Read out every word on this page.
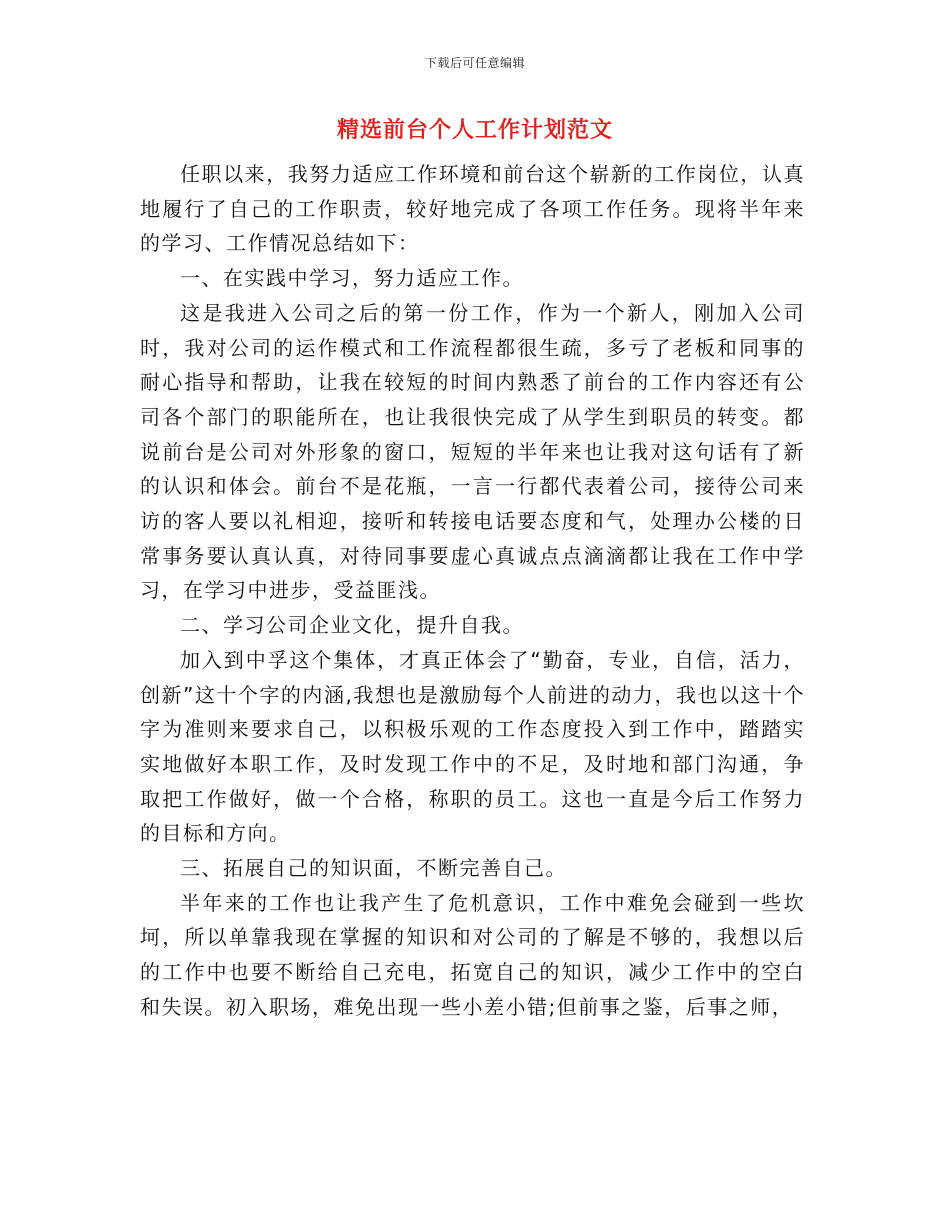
下载后可任意编辑
精选前台个人工作计划范文

任职以来，我努力适应工作环境和前台这个崭新的工作岗位，认真地履行了自己的工作职责，较好地完成了各项工作任务。现将半年来的学习、工作情况总结如下：

一、在实践中学习，努力适应工作。

这是我进入公司之后的第一份工作，作为一个新人，刚加入公司时，我对公司的运作模式和工作流程都很生疏，多亏了老板和同事的耐心指导和帮助，让我在较短的时间内熟悉了前台的工作内容还有公司各个部门的职能所在，也让我很快完成了从学生到职员的转变。都说前台是公司对外形象的窗口，短短的半年来也让我对这句话有了新的认识和体会。前台不是花瓶，一言一行都代表着公司，接待公司来访的客人要以礼相迎，接听和转接电话要态度和气，处理办公楼的日常事务要认真认真，对待同事要虚心真诚点点滴滴都让我在工作中学习，在学习中进步，受益匪浅。

二、学习公司企业文化，提升自我。

加入到中孚这个集体，才真正体会了“勤奋，专业，自信，活力，创新”这十个字的内涵,我想也是激励每个人前进的动力，我也以这十个字为准则来要求自己，以积极乐观的工作态度投入到工作中，踏踏实实地做好本职工作，及时发现工作中的不足，及时地和部门沟通，争取把工作做好，做一个合格，称职的员工。这也一直是今后工作努力的目标和方向。

三、拓展自己的知识面，不断完善自己。

半年来的工作也让我产生了危机意识，工作中难免会碰到一些坎坷，所以单靠我现在掌握的知识和对公司的了解是不够的，我想以后的工作中也要不断给自己充电，拓宽自己的知识，减少工作中的空白和失误。初入职场，难免出现一些小差小错;但前事之鉴，后事之师，
